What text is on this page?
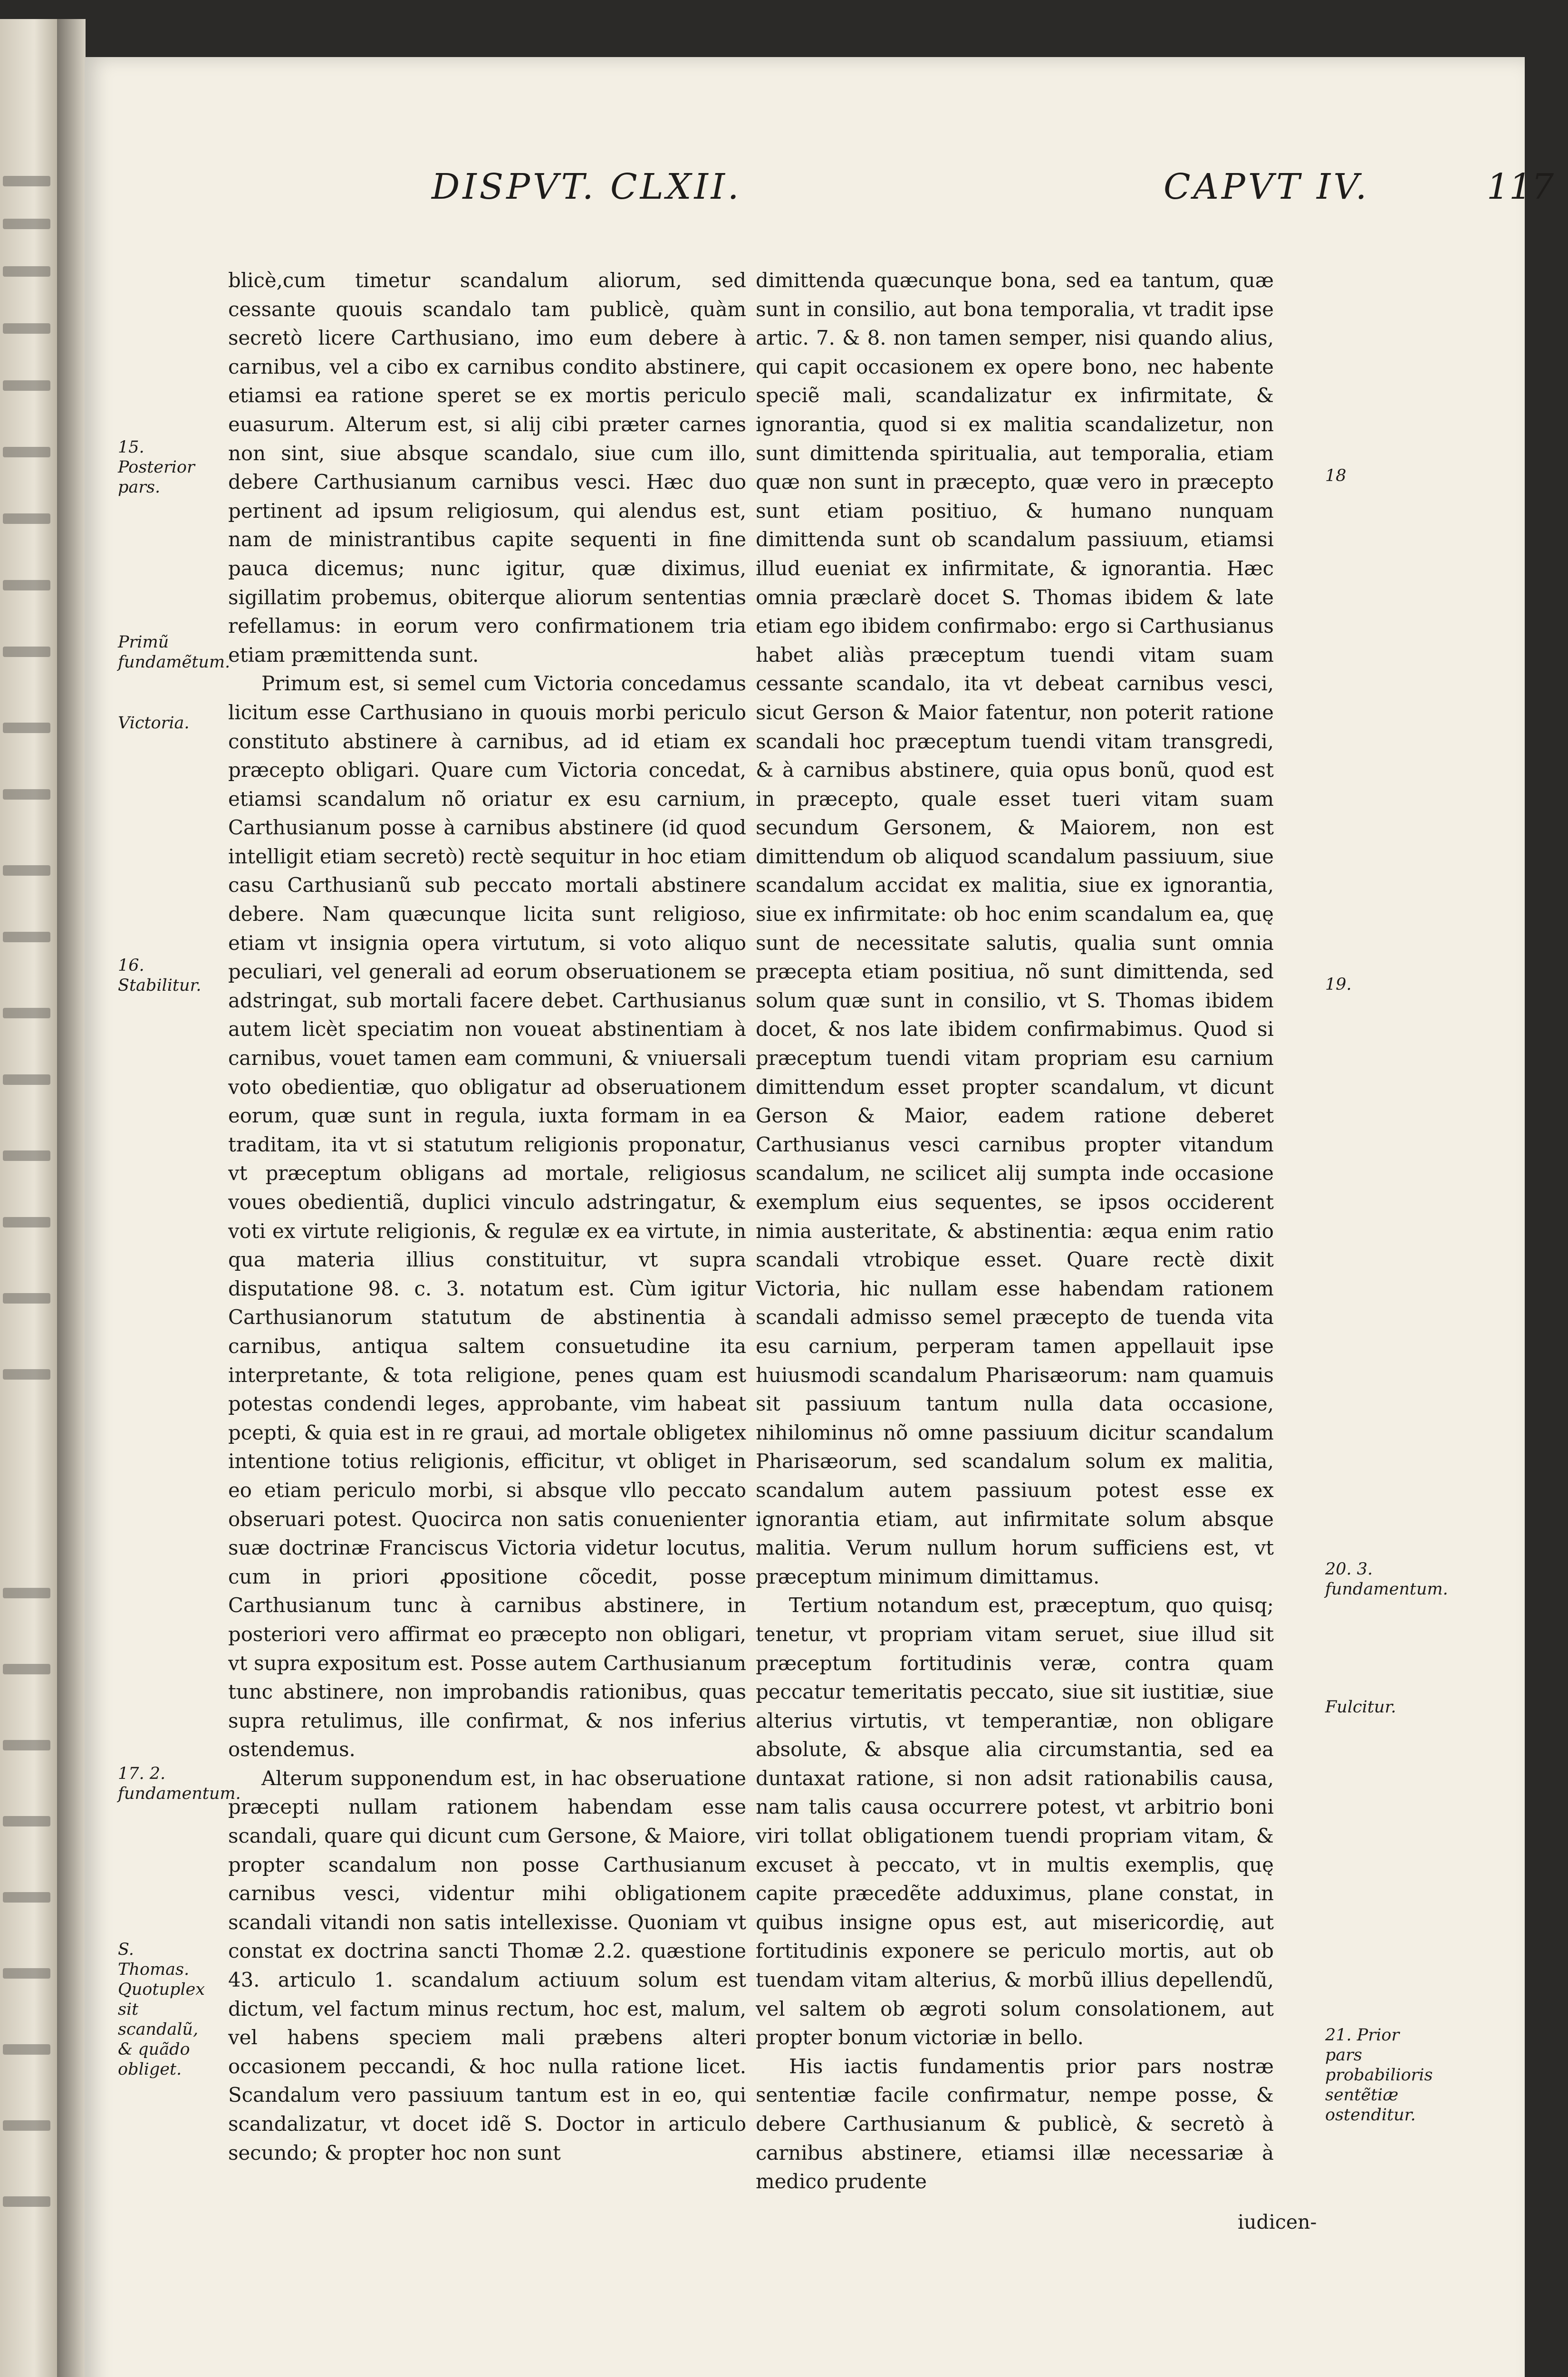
DISPVT. CLXII.	CAPVT IV.	117

blicè,cum timetur scandalum aliorum, sed cessante quouis scandalo tam publicè, quàm secretò licere Carthusiano, imo eum debere à carnibus, vel a cibo ex carnibus condito abstinere, etiamsi ea ratione speret se ex mortis periculo euasurum. Alterum est, si alij cibi præter carnes non sint, siue absque scandalo, siue cum illo, debere Carthusianum carnibus vesci. Hæc duo pertinent ad ipsum religiosum, qui alendus est, nam de ministrantibus capite sequenti in fine pauca dicemus; nunc igitur, quæ diximus, sigillatim probemus, obiterque aliorum sententias refellamus: in eorum vero confirmationem tria etiam præmittenda sunt.

Primum est, si semel cum Victoria concedamus licitum esse Carthusiano in quouis morbi periculo constituto abstinere à carnibus, ad id etiam ex præcepto obligari. Quare cum Victoria concedat, etiamsi scandalum nõ oriatur ex esu carnium, Carthusianum posse à carnibus abstinere (id quod intelligit etiam secretò) rectè sequitur in hoc etiam casu Carthusianũ sub peccato mortali abstinere debere. Nam quæcunque licita sunt religioso, etiam vt insignia opera virtutum, si voto aliquo peculiari, vel generali ad eorum obseruationem se adstringat, sub mortali facere debet. Carthusianus autem licèt speciatim non voueat abstinentiam à carnibus, vouet tamen eam communi, & vniuersali voto obedientiæ, quo obligatur ad obseruationem eorum, quæ sunt in regula, iuxta formam in ea traditam, ita vt si statutum religionis proponatur, vt præceptum obligans ad mortale, religiosus voues obedientiã, duplici vinculo adstringatur, & voti ex virtute religionis, & regulæ ex ea virtute, in qua materia illius constituitur, vt supra disputatione 98. c. 3. notatum est. Cùm igitur Carthusianorum statutum de abstinentia à carnibus, antiqua saltem consuetudine ita interpretante, & tota religione, penes quam est potestas condendi leges, approbante, vim habeat pcepti, & quia est in re graui, ad mortale obligetex intentione totius religionis, efficitur, vt obliget in eo etiam periculo morbi, si absque vllo peccato obseruari potest. Quocirca non satis conuenienter suæ doctrinæ Franciscus Victoria videtur locutus, cum in priori ꝓpositione cõcedit, posse Carthusianum tunc à carnibus abstinere, in posteriori vero affirmat eo præcepto non obligari, vt supra expositum est. Posse autem Carthusianum tunc abstinere, non improbandis rationibus, quas supra retulimus, ille confirmat, & nos inferius ostendemus.

Alterum supponendum est, in hac obseruatione præcepti nullam rationem habendam esse scandali, quare qui dicunt cum Gersone, & Maiore, propter scandalum non posse Carthusianum carnibus vesci, videntur mihi obligationem scandali vitandi non satis intellexisse. Quoniam vt constat ex doctrina sancti Thomæ 2.2. quæstione 43. articulo 1. scandalum actiuum solum est dictum, vel factum minus rectum, hoc est, malum, vel habens speciem mali præbens alteri occasionem peccandi, & hoc nulla ratione licet. Scandalum vero passiuum tantum est in eo, qui scandalizatur, vt docet idẽ S. Doctor in articulo secundo; & propter hoc non sunt

dimittenda quæcunque bona, sed ea tantum, quæ sunt in consilio, aut bona temporalia, vt tradit ipse artic. 7. & 8. non tamen semper, nisi quando alius, qui capit occasionem ex opere bono, nec habente speciẽ mali, scandalizatur ex infirmitate, & ignorantia, quod si ex malitia scandalizetur, non sunt dimittenda spiritualia, aut temporalia, etiam quæ non sunt in præcepto, quæ vero in præcepto sunt etiam positiuo, & humano nunquam dimittenda sunt ob scandalum passiuum, etiamsi illud eueniat ex infirmitate, & ignorantia. Hæc omnia præclarè docet S. Thomas ibidem & late etiam ego ibidem confirmabo: ergo si Carthusianus habet aliàs præceptum tuendi vitam suam cessante scandalo, ita vt debeat carnibus vesci, sicut Gerson & Maior fatentur, non poterit ratione scandali hoc præceptum tuendi vitam transgredi, & à carnibus abstinere, quia opus bonũ, quod est in præcepto, quale esset tueri vitam suam secundum Gersonem, & Maiorem, non est dimittendum ob aliquod scandalum passiuum, siue scandalum accidat ex malitia, siue ex ignorantia, siue ex infirmitate: ob hoc enim scandalum ea, quę sunt de necessitate salutis, qualia sunt omnia præcepta etiam positiua, nõ sunt dimittenda, sed solum quæ sunt in consilio, vt S. Thomas ibidem docet, & nos late ibidem confirmabimus. Quod si præceptum tuendi vitam propriam esu carnium dimittendum esset propter scandalum, vt dicunt Gerson & Maior, eadem ratione deberet Carthusianus vesci carnibus propter vitandum scandalum, ne scilicet alij sumpta inde occasione exemplum eius sequentes, se ipsos occiderent nimia austeritate, & abstinentia: æqua enim ratio scandali vtrobique esset. Quare rectè dixit Victoria, hic nullam esse habendam rationem scandali admisso semel præcepto de tuenda vita esu carnium, perperam tamen appellauit ipse huiusmodi scandalum Pharisæorum: nam quamuis sit passiuum tantum nulla data occasione, nihilominus nõ omne passiuum dicitur scandalum Pharisæorum, sed scandalum solum ex malitia, scandalum autem passiuum potest esse ex ignorantia etiam, aut infirmitate solum absque malitia. Verum nullum horum sufficiens est, vt præceptum minimum dimittamus.

Tertium notandum est, præceptum, quo quisq; tenetur, vt propriam vitam seruet, siue illud sit præceptum fortitudinis veræ, contra quam peccatur temeritatis peccato, siue sit iustitiæ, siue alterius virtutis, vt temperantiæ, non obligare absolute, & absque alia circumstantia, sed ea duntaxat ratione, si non adsit rationabilis causa, nam talis causa occurrere potest, vt arbitrio boni viri tollat obligationem tuendi propriam vitam, & excuset à peccato, vt in multis exemplis, quę capite præcedẽte adduximus, plane constat, in quibus insigne opus est, aut misericordię, aut fortitudinis exponere se periculo mortis, aut ob tuendam vitam alterius, & morbũ illius depellendũ, vel saltem ob ægroti solum consolationem, aut propter bonum victoriæ in bello.

His iactis fundamentis prior pars nostræ sententiæ facile confirmatur, nempe posse, & debere Carthusianum & publicè, & secretò à carnibus abstinere, etiamsi illæ necessariæ à medico prudente

iudicen-
15. Posterior pars.
Primũ fundamẽtum.
Victoria.
16. Stabilitur.
17. 2. fundamentum.
S. Thomas. Quotuplex sit scandalũ, & quãdo obliget.
18
19.
20. 3. fundamentum.
Fulcitur.
21. Prior pars probabilioris sentẽtiæ ostenditur.
